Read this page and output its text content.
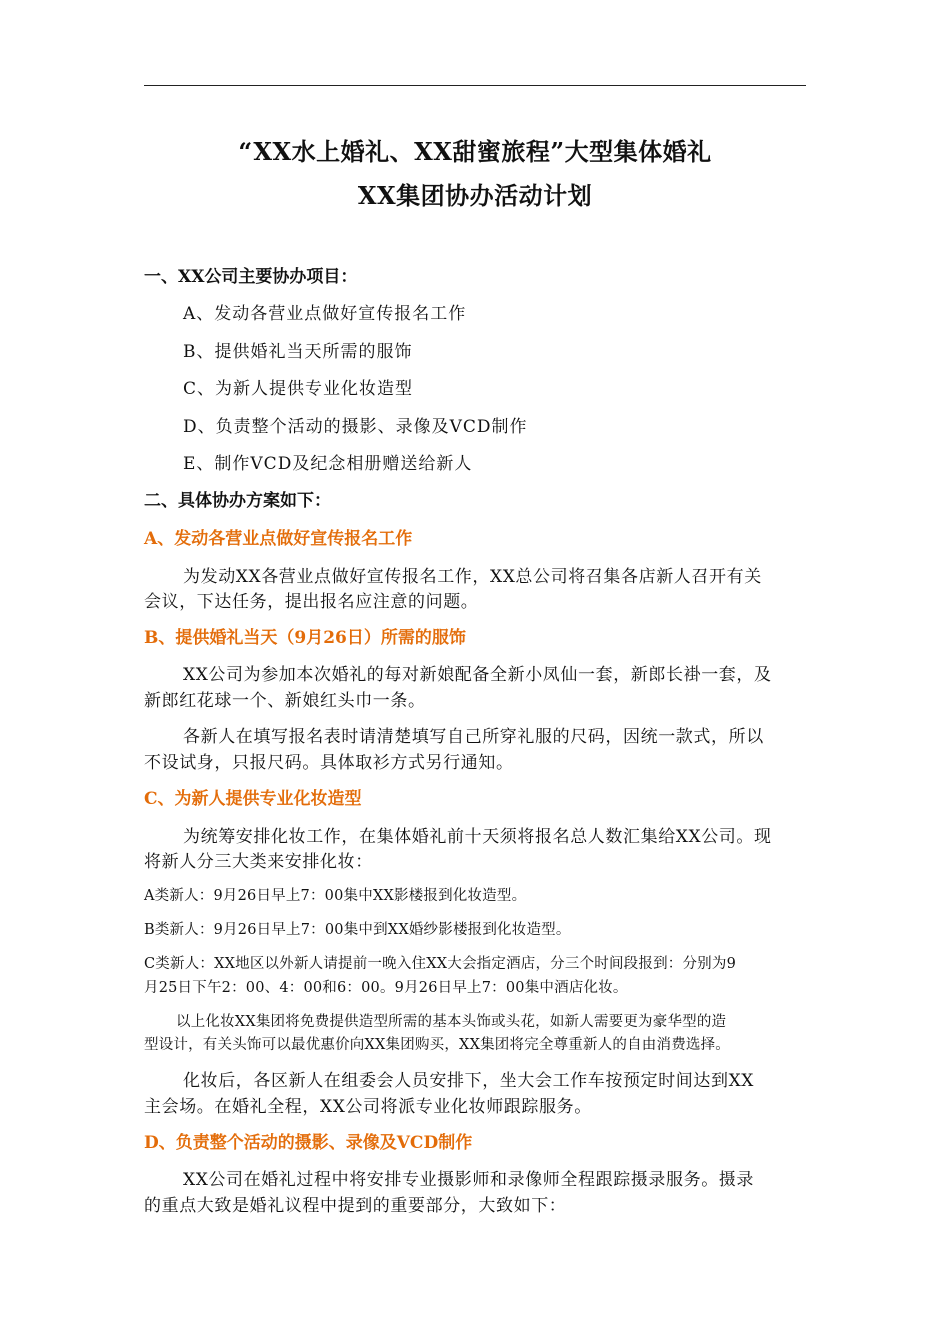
“XX水上婚礼、XX甜蜜旅程”大型集体婚礼
XX集团协办活动计划
一、XX公司主要协办项目：
A、发动各营业点做好宣传报名工作
B、提供婚礼当天所需的服饰
C、为新人提供专业化妆造型
D、负责整个活动的摄影、录像及VCD制作
E、制作VCD及纪念相册赠送给新人
二、具体协办方案如下：
A、发动各营业点做好宣传报名工作
为发动XX各营业点做好宣传报名工作，XX总公司将召集各店新人召开有关
会议，下达任务，提出报名应注意的问题。
B、提供婚礼当天（9月26日）所需的服饰
XX公司为参加本次婚礼的每对新娘配备全新小凤仙一套，新郎长褂一套，及
新郎红花球一个、新娘红头巾一条。
各新人在填写报名表时请清楚填写自己所穿礼服的尺码，因统一款式，所以
不设试身，只报尺码。具体取衫方式另行通知。
C、为新人提供专业化妆造型
为统筹安排化妆工作，在集体婚礼前十天须将报名总人数汇集给XX公司。现
将新人分三大类来安排化妆：
A类新人：9月26日早上7：00集中XX影楼报到化妆造型。
B类新人：9月26日早上7：00集中到XX婚纱影楼报到化妆造型。
C类新人：XX地区以外新人请提前一晚入住XX大会指定酒店，分三个时间段报到：分别为9
月25日下午2：00、4：00和6：00。9月26日早上7：00集中酒店化妆。
以上化妆XX集团将免费提供造型所需的基本头饰或头花，如新人需要更为豪华型的造
型设计，有关头饰可以最优惠价向XX集团购买，XX集团将完全尊重新人的自由消费选择。
化妆后，各区新人在组委会人员安排下，坐大会工作车按预定时间达到XX
主会场。在婚礼全程，XX公司将派专业化妆师跟踪服务。
D、负责整个活动的摄影、录像及VCD制作
XX公司在婚礼过程中将安排专业摄影师和录像师全程跟踪摄录服务。摄录
的重点大致是婚礼议程中提到的重要部分，大致如下：
